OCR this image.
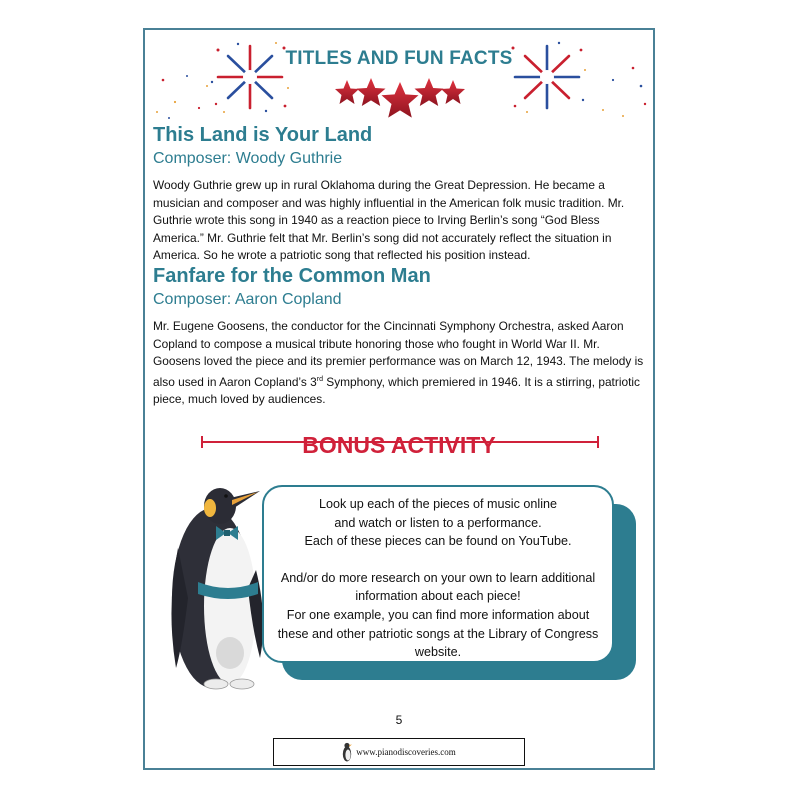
TITLES AND FUN FACTS
This Land is Your Land
Composer: Woody Guthrie
Woody Guthrie grew up in rural Oklahoma during the Great Depression. He became a musician and composer and was highly influential in the American folk music tradition. Mr. Guthrie wrote this song in 1940 as a reaction piece to Irving Berlin’s song “God Bless America.” Mr. Guthrie felt that Mr. Berlin’s song did not accurately reflect the situation in America. So he wrote a patriotic song that reflected his position instead.
Fanfare for the Common Man
Composer: Aaron Copland
Mr. Eugene Goosens, the conductor for the Cincinnati Symphony Orchestra, asked Aaron Copland to compose a musical tribute honoring those who fought in World War II. Mr. Goosens loved the piece and its premier performance was on March 12, 1943. The melody is also used in Aaron Copland’s 3rd Symphony, which premiered in 1946. It is a stirring, patriotic piece, much loved by audiences.
BONUS ACTIVITY

Look up each of the pieces of music online

and watch or listen to a performance.

Each of these pieces can be found on YouTube.

And/or do more research on your own to learn additional

information about each piece!

For one example, you can find more information about

these and other patriotic songs at the Library of Congress

website.

5
www.pianodiscoveries.com
